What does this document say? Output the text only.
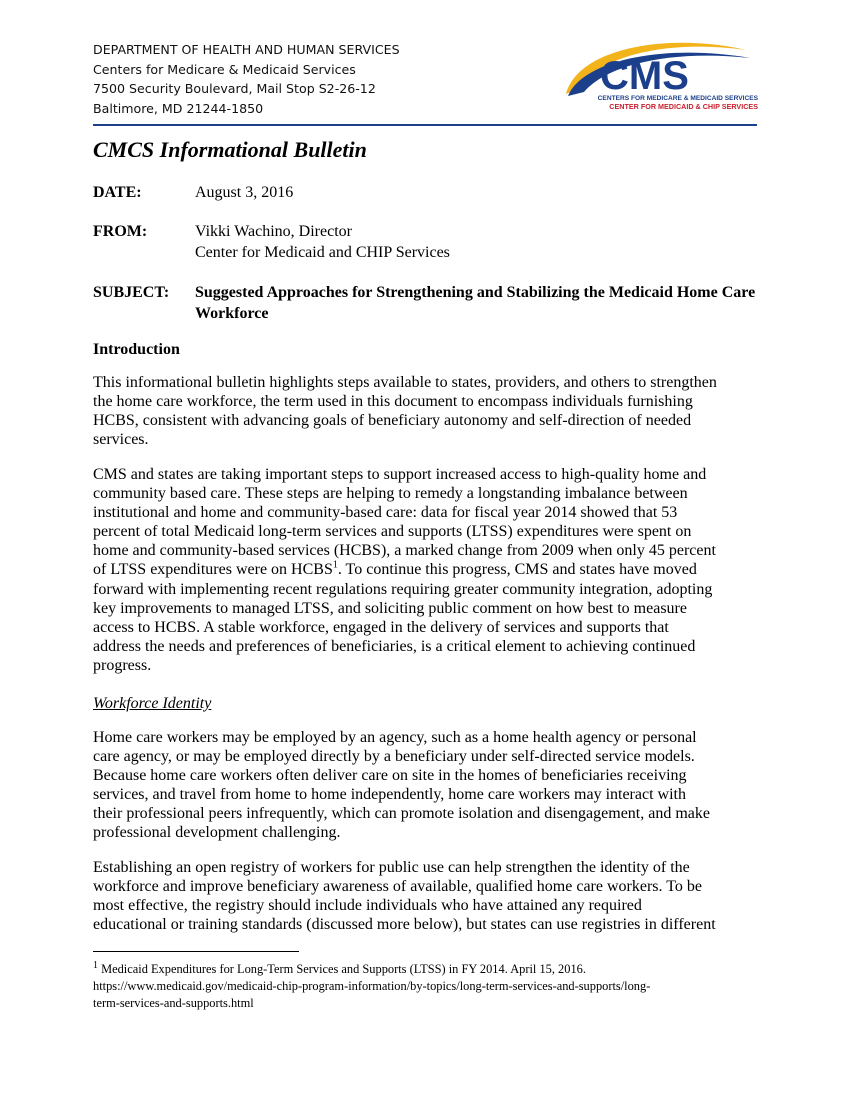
DEPARTMENT OF HEALTH AND HUMAN SERVICES
Centers for Medicare & Medicaid Services
7500 Security Boulevard, Mail Stop S2-26-12
Baltimore, MD 21244-1850
CMS
CENTERS FOR MEDICARE & MEDICAID SERVICES
CENTER FOR MEDICAID & CHIP SERVICES
CMCS Informational Bulletin
DATE:	August 3, 2016
FROM:	Vikki Wachino, Director
Center for Medicaid and CHIP Services
SUBJECT: Suggested Approaches for Strengthening and Stabilizing the Medicaid Home Care Workforce
Introduction
This informational bulletin highlights steps available to states, providers, and others to strengthen
the home care workforce, the term used in this document to encompass individuals furnishing
HCBS, consistent with advancing goals of beneficiary autonomy and self-direction of needed
services.
CMS and states are taking important steps to support increased access to high-quality home and
community based care. These steps are helping to remedy a longstanding imbalance between
institutional and home and community-based care: data for fiscal year 2014 showed that 53
percent of total Medicaid long-term services and supports (LTSS) expenditures were spent on
home and community-based services (HCBS), a marked change from 2009 when only 45 percent
of LTSS expenditures were on HCBS$^1$. To continue this progress, CMS and states have moved
forward with implementing recent regulations requiring greater community integration, adopting
key improvements to managed LTSS, and soliciting public comment on how best to measure
access to HCBS. A stable workforce, engaged in the delivery of services and supports that
address the needs and preferences of beneficiaries, is a critical element to achieving continued
progress.
Workforce Identity
Home care workers may be employed by an agency, such as a home health agency or personal
care agency, or may be employed directly by a beneficiary under self-directed service models.
Because home care workers often deliver care on site in the homes of beneficiaries receiving
services, and travel from home to home independently, home care workers may interact with
their professional peers infrequently, which can promote isolation and disengagement, and make
professional development challenging.
Establishing an open registry of workers for public use can help strengthen the identity of the
workforce and improve beneficiary awareness of available, qualified home care workers. To be
most effective, the registry should include individuals who have attained any required
educational or training standards (discussed more below), but states can use registries in different
$^1$ Medicaid Expenditures for Long-Term Services and Supports (LTSS) in FY 2014. April 15, 2016.
https://www.medicaid.gov/medicaid-chip-program-information/by-topics/long-term-services-and-supports/long-
term-services-and-supports.html
